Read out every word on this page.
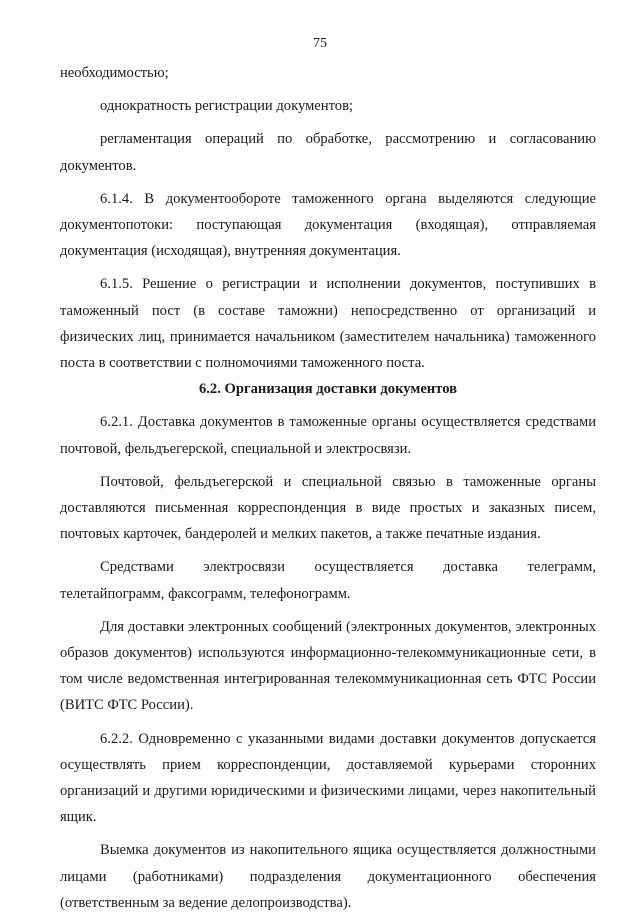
75

необходимостью;

однократность регистрации документов;

регламентация операций по обработке, рассмотрению и согласованию документов.

6.1.4. В документообороте таможенного органа выделяются следующие документопотоки: поступающая документация (входящая), отправляемая документация (исходящая), внутренняя документация.

6.1.5. Решение о регистрации и исполнении документов, поступивших в таможенный пост (в составе таможни) непосредственно от организаций и физических лиц, принимается начальником (заместителем начальника) таможенного поста в соответствии с полномочиями таможенного поста.

6.2. Организация доставки документов

6.2.1. Доставка документов в таможенные органы осуществляется средствами почтовой, фельдъегерской, специальной и электросвязи.

Почтовой, фельдъегерской и специальной связью в таможенные органы доставляются письменная корреспонденция в виде простых и заказных писем, почтовых карточек, бандеролей и мелких пакетов, а также печатные издания.

Средствами электросвязи осуществляется доставка телеграмм, телетайпограмм, факсограмм, телефонограмм.

Для доставки электронных сообщений (электронных документов, электронных образов документов) используются информационно-телекоммуникационные сети, в том числе ведомственная интегрированная телекоммуникационная сеть ФТС России (ВИТС ФТС России).

6.2.2. Одновременно с указанными видами доставки документов допускается осуществлять прием корреспонденции, доставляемой курьерами сторонних организаций и другими юридическими и физическими лицами, через накопительный ящик.

Выемка документов из накопительного ящика осуществляется должностными лицами (работниками) подразделения документационного обеспечения (ответственным за ведение делопроизводства).
